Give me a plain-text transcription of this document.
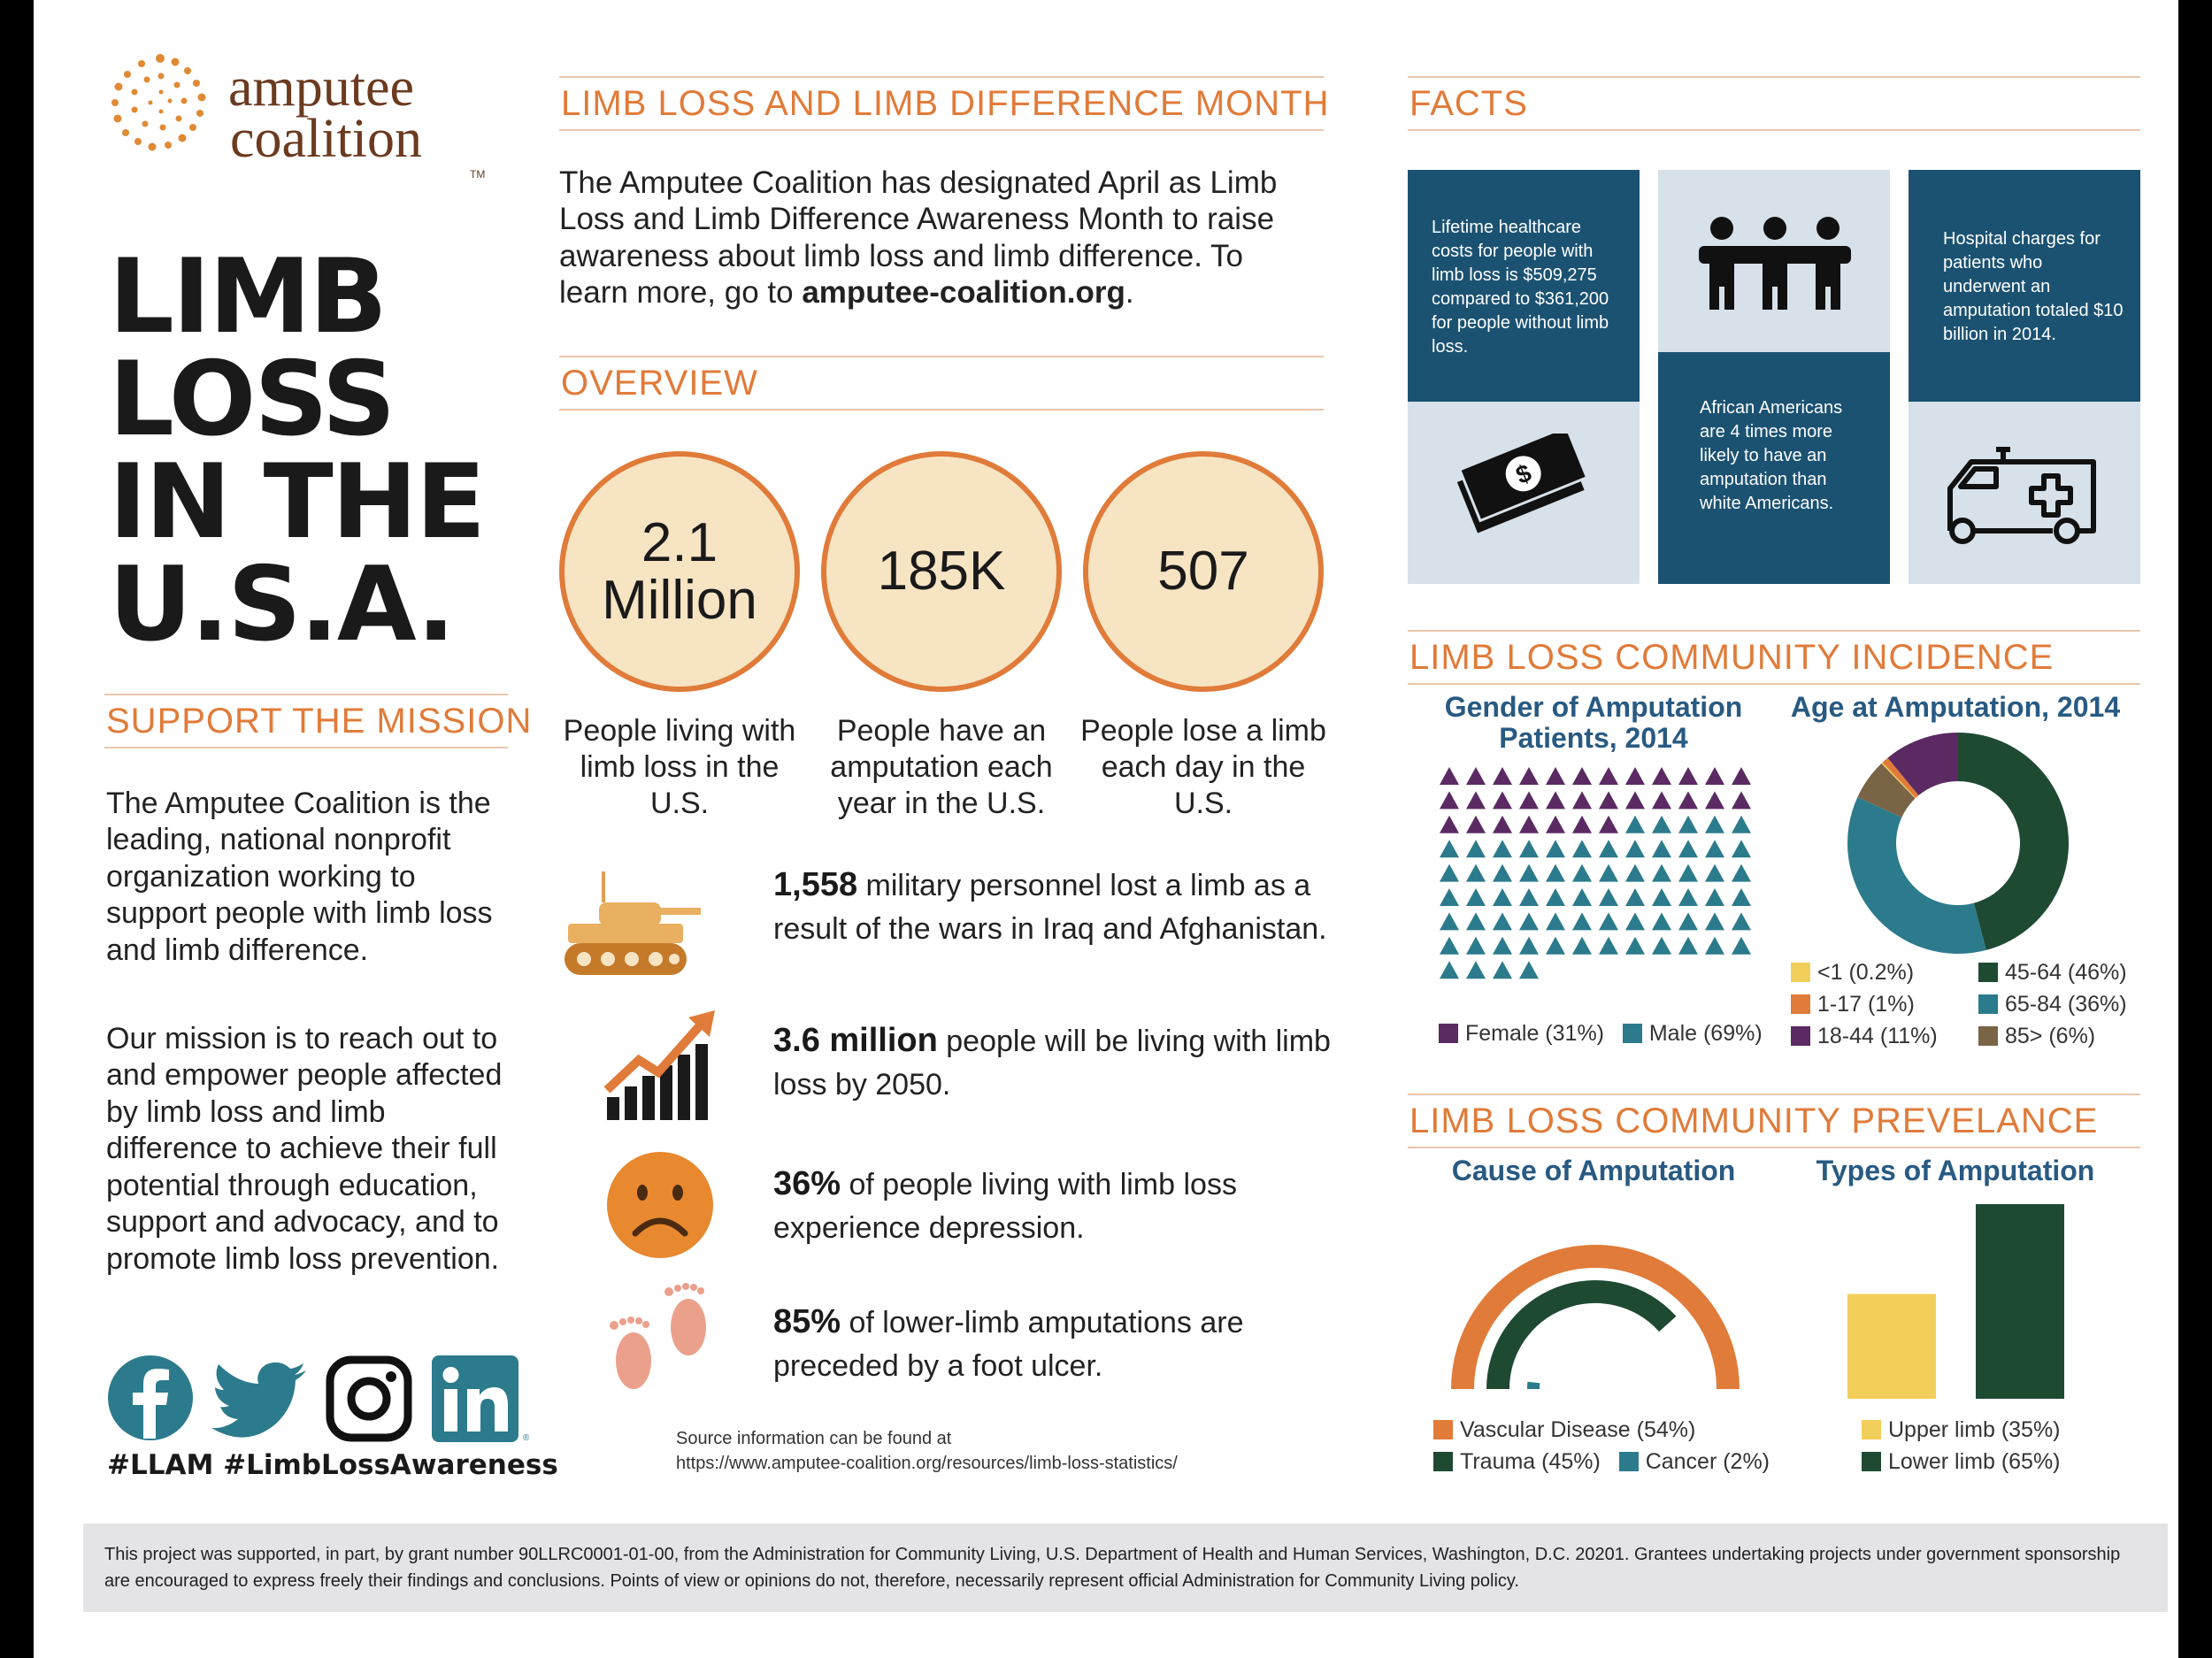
amputee
coalition
TM
LIMB
LOSS
IN THE
U.S.A.
SUPPORT THE MISSION
The Amputee Coalition is the leading, national nonprofit organization working to support people with limb loss and limb difference.
Our mission is to reach out to and empower people affected by limb loss and limb difference to achieve their full potential through education, support and advocacy, and to promote limb loss prevention.
®
#LLAM #LimbLossAwareness
LIMB LOSS AND LIMB DIFFERENCE MONTH
The Amputee Coalition has designated April as Limb Loss and Limb Difference Awareness Month to raise awareness about limb loss and limb difference. To learn more, go to amputee-coalition.org.
OVERVIEW
2.1
Million 185K	507
People living with limb loss in the U.S.
People have an amputation each year in the U.S.
People lose a limb each day in the U.S.
1,558 military personnel lost a limb as a result of the wars in Iraq and Afghanistan.
3.6 million people will be living with limb loss by 2050.
36% of people living with limb loss experience depression.
85% of lower-limb amputations are preceded by a foot ulcer.
Source information can be found at
https://www.amputee-coalition.org/resources/limb-loss-statistics/
FACTS
Lifetime healthcare costs for people with limb loss is $509,275 compared to $361,200 for people without limb loss.
$
African Americans are 4 times more likely to have an amputation than white Americans.
Hospital charges for patients who underwent an amputation totaled $10 billion in 2014.
LIMB LOSS COMMUNITY INCIDENCE
Gender of Amputation Patients, 2014
Age at Amputation, 2014
Female (31%) Male (69%)
<1 (0.2%)
1-17 (1%)
18-44 (11%)
45-64 (46%)
65-84 (36%)
85> (6%)
LIMB LOSS COMMUNITY PREVELANCE
Cause of Amputation	Types of Amputation
Vascular Disease (54%)
Trauma (45%) Cancer (2%)
Upper limb (35%)
Lower limb (65%)
This project was supported, in part, by grant number 90LLRC0001-01-00, from the Administration for Community Living, U.S. Department of Health and Human Services, Washington, D.C. 20201. Grantees undertaking projects under government sponsorship are encouraged to express freely their findings and conclusions. Points of view or opinions do not, therefore, necessarily represent official Administration for Community Living policy.
